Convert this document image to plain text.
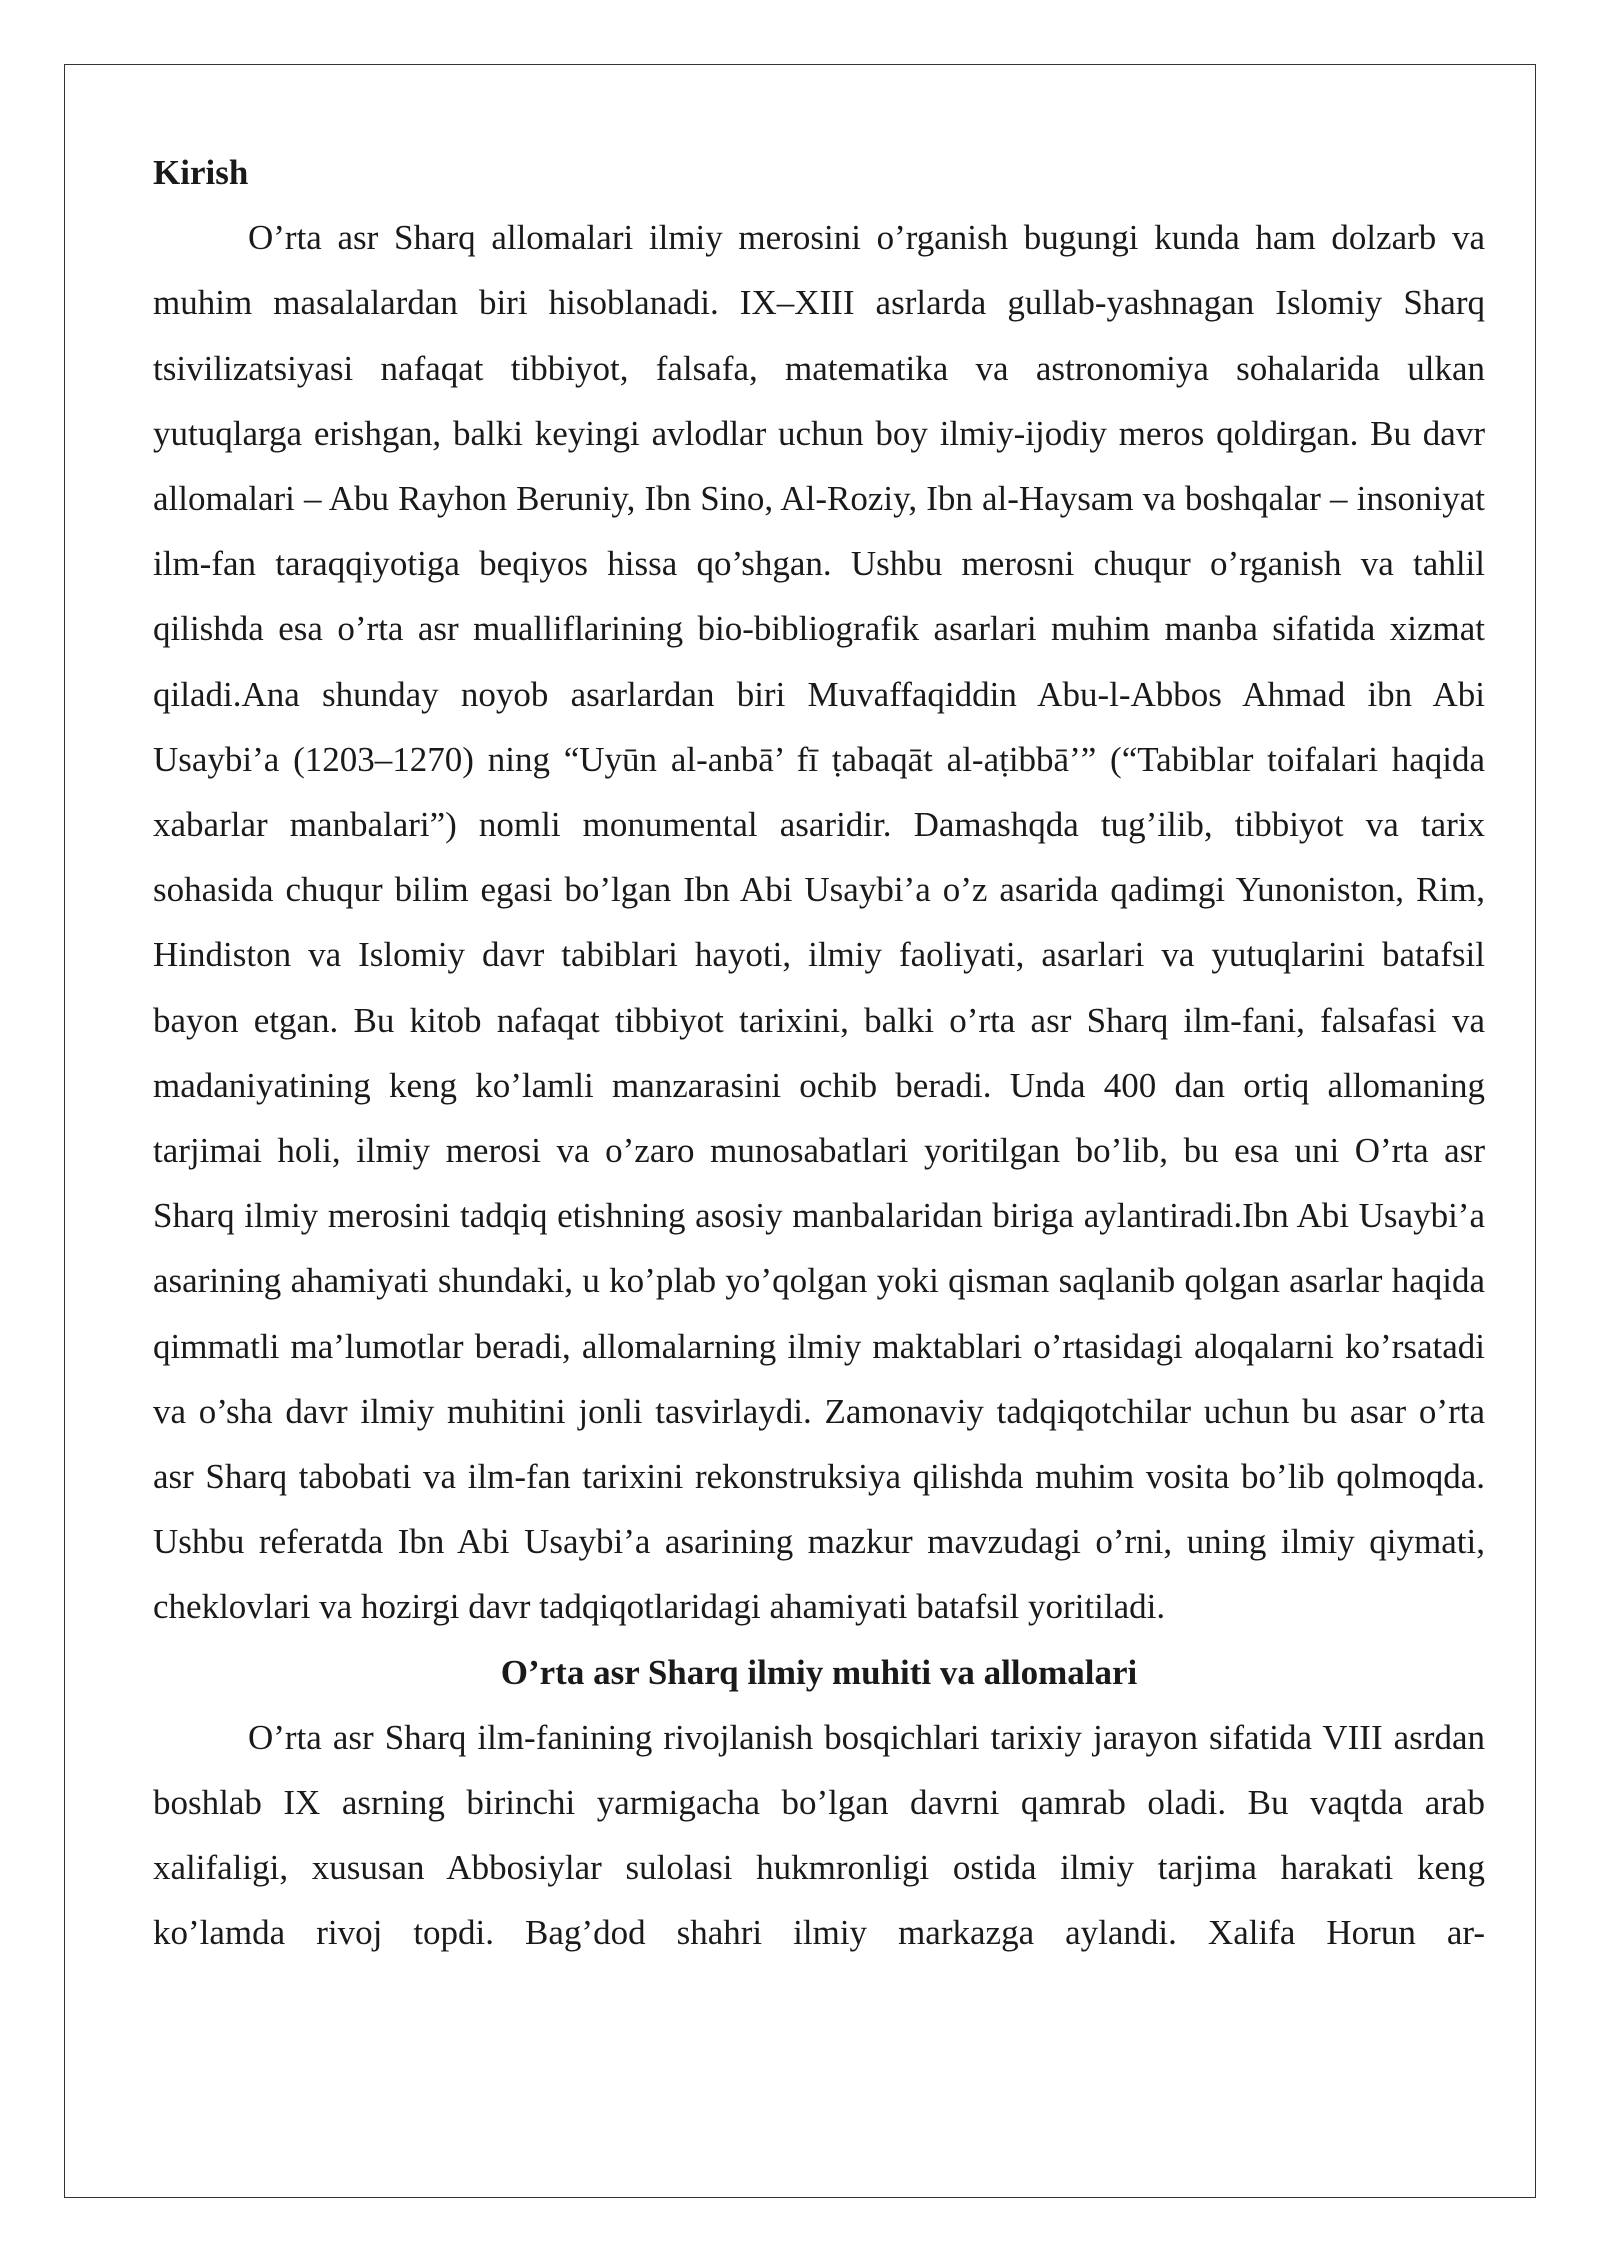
Kirish

O’rta asr Sharq allomalari ilmiy merosini o’rganish bugungi kunda ham dolzarb va muhim masalalardan biri hisoblanadi. IX–XIII asrlarda gullab-yashnagan Islomiy Sharq tsivilizatsiyasi nafaqat tibbiyot, falsafa, matematika va astronomiya sohalarida ulkan yutuqlarga erishgan, balki keyingi avlodlar uchun boy ilmiy-ijodiy meros qoldirgan. Bu davr allomalari – Abu Rayhon Beruniy, Ibn Sino, Al-Roziy, Ibn al-Haysam va boshqalar – insoniyat ilm-fan taraqqiyotiga beqiyos hissa qo’shgan. Ushbu merosni chuqur o’rganish va tahlil qilishda esa o’rta asr mualliflarining bio-bibliografik asarlari muhim manba sifatida xizmat qiladi.Ana shunday noyob asarlardan biri Muvaffaqiddin Abu-l-Abbos Ahmad ibn Abi Usaybi’a (1203–1270) ning “Uyūn al-anbā’ fī ṭabaqāt al-aṭibbā’” (“Tabiblar toifalari haqida xabarlar manbalari”) nomli monumental asaridir. Damashqda tug’ilib, tibbiyot va tarix sohasida chuqur bilim egasi bo’lgan Ibn Abi Usaybi’a o’z asarida qadimgi Yunoniston, Rim, Hindiston va Islomiy davr tabiblari hayoti, ilmiy faoliyati, asarlari va yutuqlarini batafsil bayon etgan. Bu kitob nafaqat tibbiyot tarixini, balki o’rta asr Sharq ilm-fani, falsafasi va madaniyatining keng ko’lamli manzarasini ochib beradi. Unda 400 dan ortiq allomaning tarjimai holi, ilmiy merosi va o’zaro munosabatlari yoritilgan bo’lib, bu esa uni O’rta asr Sharq ilmiy merosini tadqiq etishning asosiy manbalaridan biriga aylantiradi.Ibn Abi Usaybi’a asarining ahamiyati shundaki, u ko’plab yo’qolgan yoki qisman saqlanib qolgan asarlar haqida qimmatli ma’lumotlar beradi, allomalarning ilmiy maktablari o’rtasidagi aloqalarni ko’rsatadi va o’sha davr ilmiy muhitini jonli tasvirlaydi. Zamonaviy tadqiqotchilar uchun bu asar o’rta asr Sharq tabobati va ilm-fan tarixini rekonstruksiya qilishda muhim vosita bo’lib qolmoqda. Ushbu referatda Ibn Abi Usaybi’a asarining mazkur mavzudagi o’rni, uning ilmiy qiymati, cheklovlari va hozirgi davr tadqiqotlaridagi ahamiyati batafsil yoritiladi.

O’rta asr Sharq ilmiy muhiti va allomalari

O’rta asr Sharq ilm-fanining rivojlanish bosqichlari tarixiy jarayon sifatida VIII asrdan boshlab IX asrning birinchi yarmigacha bo’lgan davrni qamrab oladi. Bu vaqtda arab xalifaligi, xususan Abbosiylar sulolasi hukmronligi ostida ilmiy tarjima harakati keng ko’lamda rivoj topdi. Bag’dod shahri ilmiy markazga aylandi. Xalifa Horun ar-
